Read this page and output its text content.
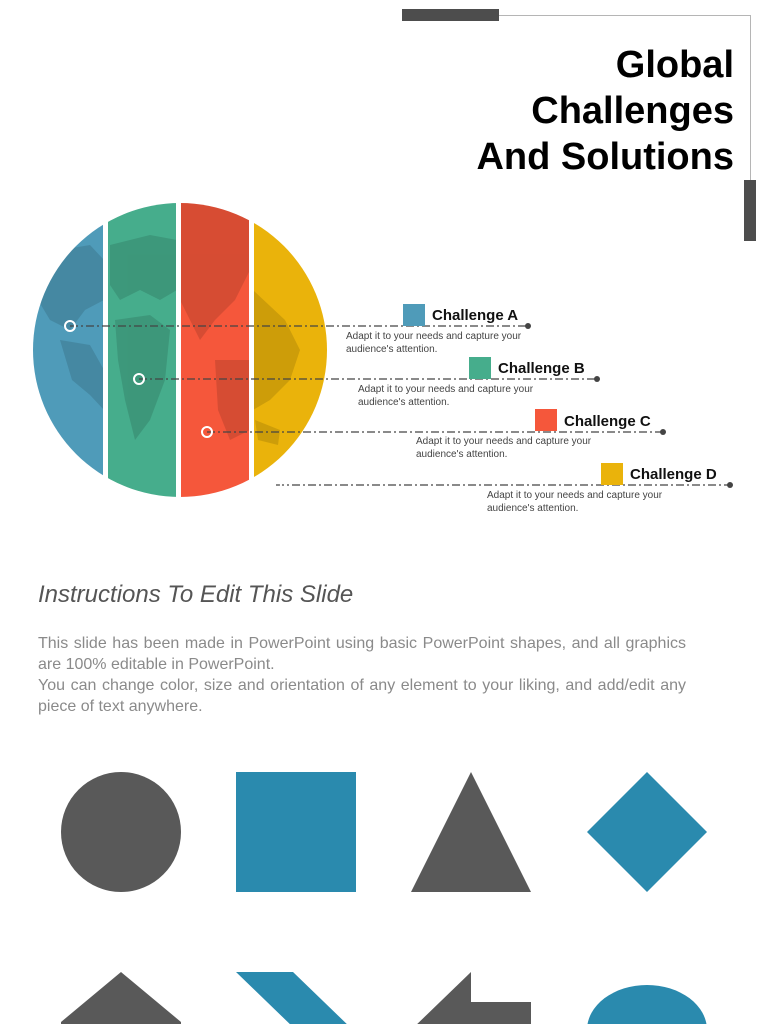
Global
Challenges
And Solutions
Challenge A
Adapt it to your needs and capture your audience's attention.
Challenge B
Adapt it to your needs and capture your audience's attention.
Challenge C
Adapt it to your needs and capture your audience's attention.
Challenge D
Adapt it to your needs and capture your audience's attention.
Instructions To Edit This Slide

This slide has been made in PowerPoint using basic PowerPoint shapes, and all graphics are 100% editable in PowerPoint.

You can change color, size and orientation of any element to your liking, and add/edit any piece of text anywhere.
